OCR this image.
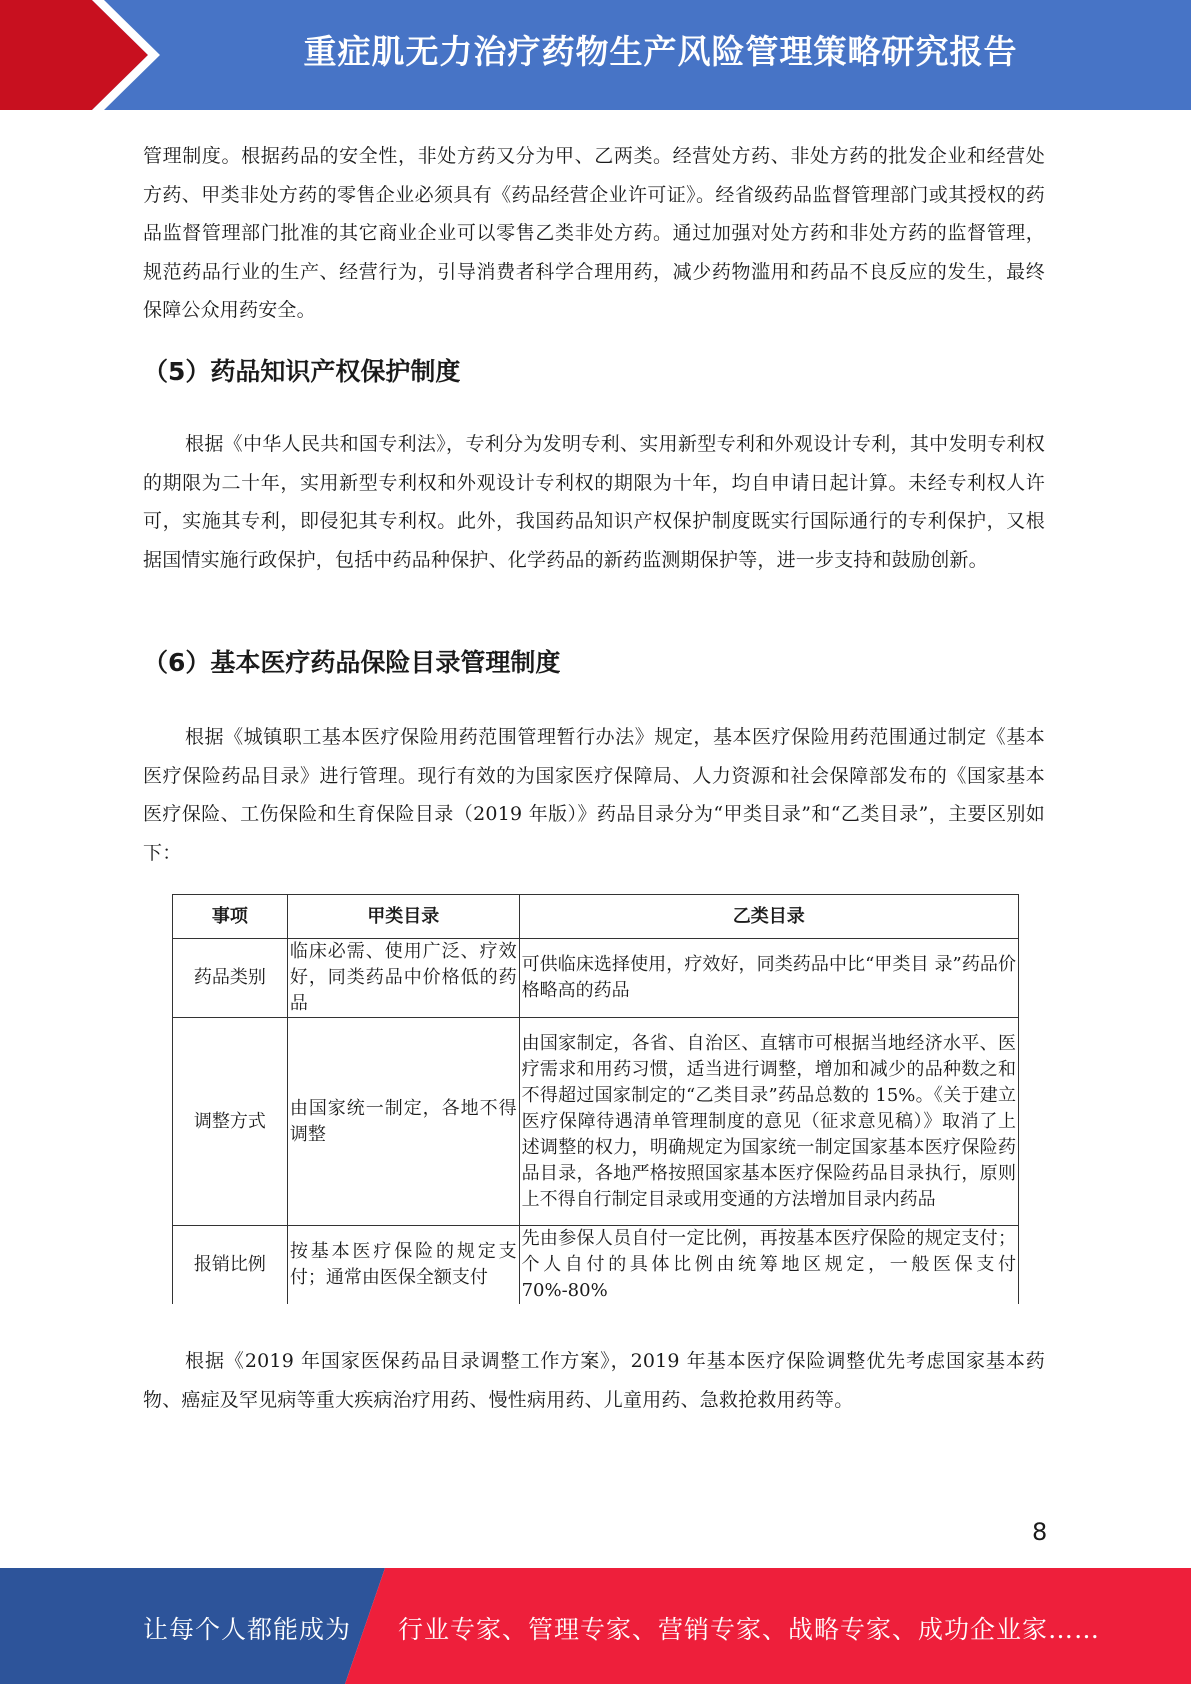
重症肌无力治疗药物生产风险管理策略研究报告

管理制度。根据药品的安全性，非处方药又分为甲、乙两类。经营处方药、非处方药的批发企业和经营处方药、甲类非处方药的零售企业必须具有《药品经营企业许可证》。经省级药品监督管理部门或其授权的药品监督管理部门批准的其它商业企业可以零售乙类非处方药。通过加强对处方药和非处方药的监督管理，规范药品行业的生产、经营行为，引导消费者科学合理用药，减少药物滥用和药品不良反应的发生，最终保障公众用药安全。

（5）药品知识产权保护制度

根据《中华人民共和国专利法》，专利分为发明专利、实用新型专利和外观设计专利，其中发明专利权的期限为二十年，实用新型专利权和外观设计专利权的期限为十年，均自申请日起计算。未经专利权人许可，实施其专利，即侵犯其专利权。此外，我国药品知识产权保护制度既实行国际通行的专利保护，又根据国情实施行政保护，包括中药品种保护、化学药品的新药监测期保护等，进一步支持和鼓励创新。

（6）基本医疗药品保险目录管理制度

根据《城镇职工基本医疗保险用药范围管理暂行办法》规定，基本医疗保险用药范围通过制定《基本医疗保险药品目录》进行管理。现行有效的为国家医疗保障局、人力资源和社会保障部发布的《国家基本医疗保险、工伤保险和生育保险目录（2019 年版）》药品目录分为“甲类目录”和“乙类目录”，主要区别如下：

事项	甲类目录	乙类目录
药品类别	临床必需、使用广泛、疗效好，同类药品中价格低的药品	可供临床选择使用，疗效好，同类药品中比“甲类目 录”药品价格略高的药品
调整方式	由国家统一制定，各地不得调整	由国家制定，各省、自治区、直辖市可根据当地经济水平、医疗需求和用药习惯，适当进行调整，增加和减少的品种数之和不得超过国家制定的“乙类目录”药品总数的 15%。《关于建立医疗保障待遇清单管理制度的意见（征求意见稿）》取消了上述调整的权力，明确规定为国家统一制定国家基本医疗保险药品目录，各地严格按照国家基本医疗保险药品目录执行，原则上不得自行制定目录或用变通的方法增加目录内药品
报销比例	按基本医疗保险的规定支付；通常由医保全额支付	先由参保人员自付一定比例，再按基本医疗保险的规定支付；个人自付的具体比例由统筹地区规定，一般医保支付 70%-80%

根据《2019 年国家医保药品目录调整工作方案》，2019 年基本医疗保险调整优先考虑国家基本药物、癌症及罕见病等重大疾病治疗用药、慢性病用药、儿童用药、急救抢救用药等。

8
让每个人都能成为 行业专家、管理专家、营销专家、战略专家、成功企业家……
